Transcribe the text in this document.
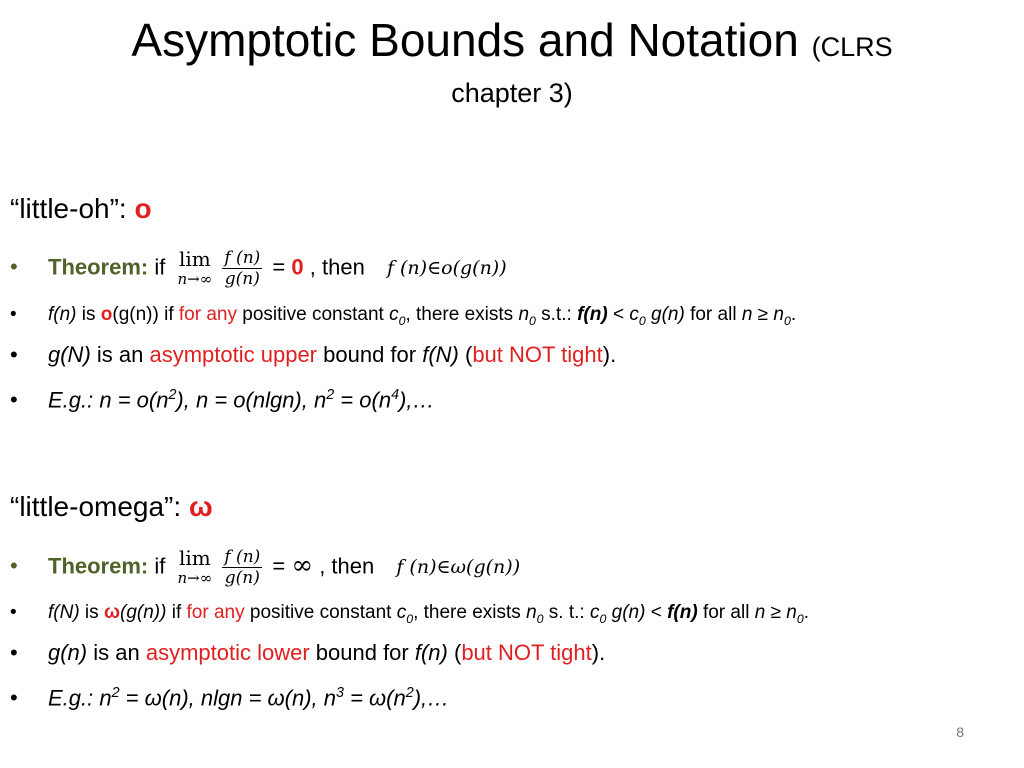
Asymptotic Bounds and Notation (CLRS
chapter 3)
“little-oh”: o
• Theorem: if lim
n→∞
$\frac{f (n)}{g(n)} = 0$ , then f (n)∈o(g(n))
• f(n) is o(g(n)) if for any positive constant $c_0$, there exists $n_0$ s.t.: $f(n) < c_0$ g(n) for all $n \ge n_0$.
• g(N) is an asymptotic upper bound for f(N) (but NOT tight).
• E.g.: $n = o(n^2)$, n = o(nlgn), $n^2$ = $o(n^4),\dots$
“little-omega”: ω
• Theorem: if lim
n→∞
$\frac{f (n)}{g(n)}$ = ∞ , then f (n)∈ω(g(n))
• f(N) is ω(g(n)) if for any positive constant $c_0$, there exists $n_0$ s. t.: $c_0$ g(n) < f(n) for all $n \ge n_0$.
• g(n) is an asymptotic lower bound for f(n) (but NOT tight).
• E.g.: $n^2 = \omega(n)$, nlgn = ω(n), $n^3$ = $\omega(n^2),\dots$
8
